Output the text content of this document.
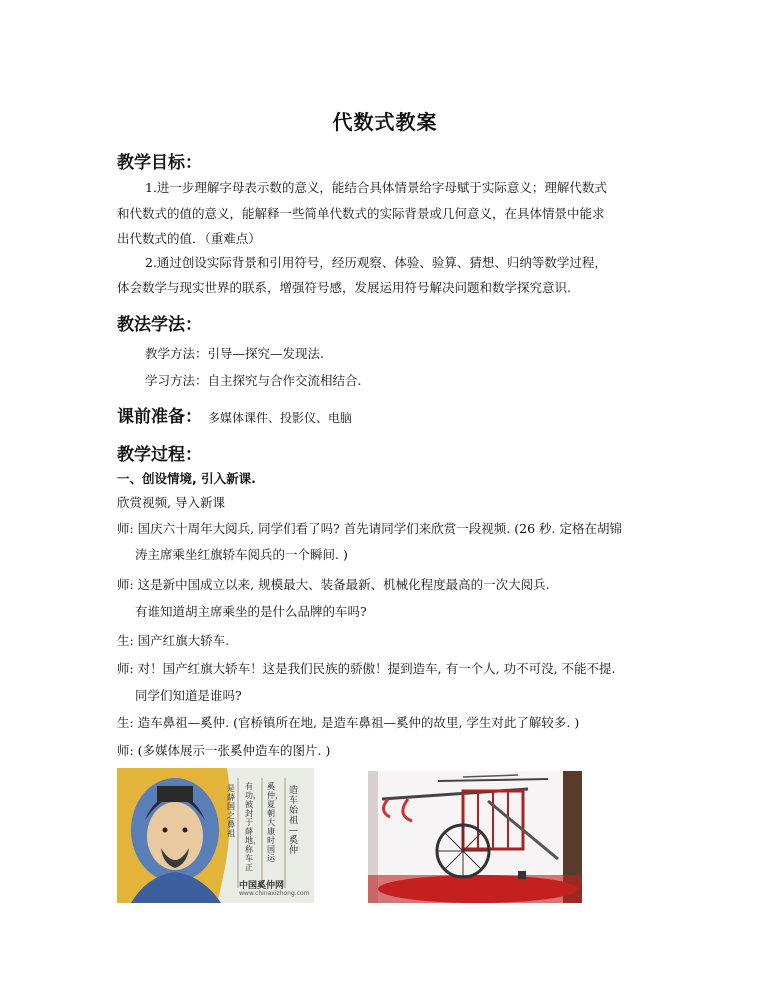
代数式教案
教学目标：
1.进一步理解字母表示数的意义，能结合具体情景给字母赋于实际意义；理解代数式
和代数式的值的意义，能解释一些简单代数式的实际背景或几何意义，在具体情景中能求
出代数式的值．（重难点）
2.通过创设实际背景和引用符号，经历观察、体验、验算、猜想、归纳等数学过程，
体会数学与现实世界的联系，增强符号感，发展运用符号解决问题和数学探究意识.
教法学法：
教学方法：引导—探究—发现法.
学习方法：自主探究与合作交流相结合.
课前准备： 多媒体课件、投影仪、电脑
教学过程：
一、创设情境, 引入新课.
欣赏视频, 导入新课
师: 国庆六十周年大阅兵, 同学们看了吗? 首先请同学们来欣赏一段视频. (26 秒. 定格在胡锦
涛主席乘坐红旗轿车阅兵的一个瞬间. )
师: 这是新中国成立以来, 规模最大、装备最新、机械化程度最高的一次大阅兵.
有谁知道胡主席乘坐的是什么品牌的车吗?
生: 国产红旗大轿车.
师: 对！国产红旗大轿车！这是我们民族的骄傲！提到造车, 有一个人, 功不可没, 不能不提.
同学们知道是谁吗?
生: 造车鼻祖—奚仲. (官桥镇所在地, 是造车鼻祖—奚仲的故里, 学生对此了解较多. )
师: (多媒体展示一张奚仲造车的图片. )
造车始祖—奚仲
奚仲，夏朝大康时国运
有功，被封于薛地，称车正
是薛国之鼻祖
中国奚仲网
www.chinaxizhong.com
